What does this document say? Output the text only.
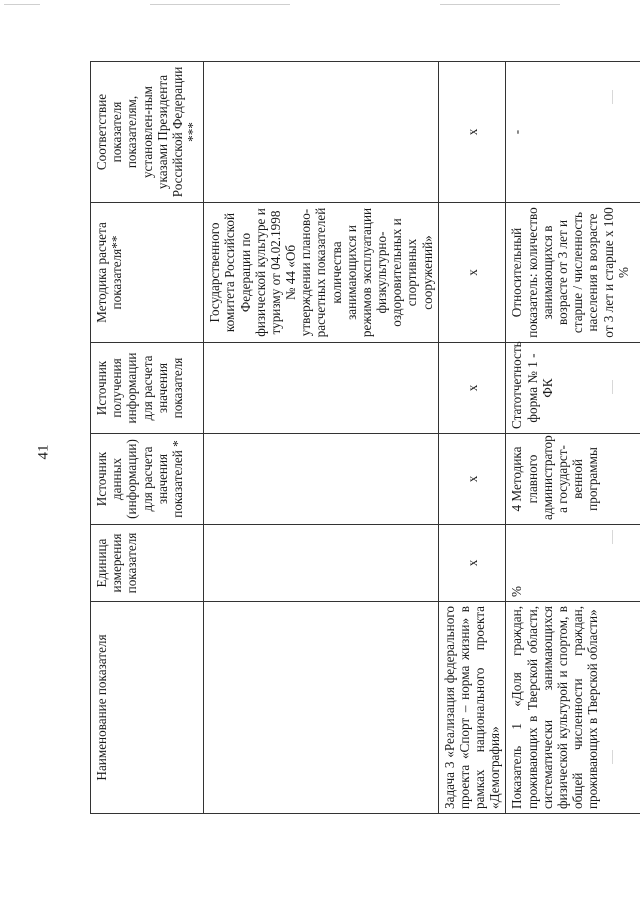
41
Наименование показателя	Единица измерения показателя	Источник данных (информации) для расчета значения показателей *	Источник получения информации для расчета значения показателя	Методика расчета показателя**	Соответствие показателя показателям, установлен-ным указами Президента Российской Федерации ***
				Государственного комитета Российской Федерации по физической культуре и туризму от 04.02.1998 № 44 «Об утверждении планово-расчетных показателей количества занимающихся и режимов эксплуатации физкультурно-оздоровительных и спортивных сооружений»	
Задача 3 «Реализация федерального проекта «Спорт – норма жизни» в рамках национального проекта «Демография»	х	х	х	х	х
Показатель 1 «Доля граждан, проживающих в Тверской области, систематически занимающихся физической культурой и спортом, в общей численности граждан, проживающих в Тверской области»	%	4 Методика главного администратор а государст-венной программы	Статотчетность форма № 1 - ФК	Относительный показатель: количество занимающихся в возрасте от 3 лет и старше / численность населения в возрасте от 3 лет и старше х 100 %	-
